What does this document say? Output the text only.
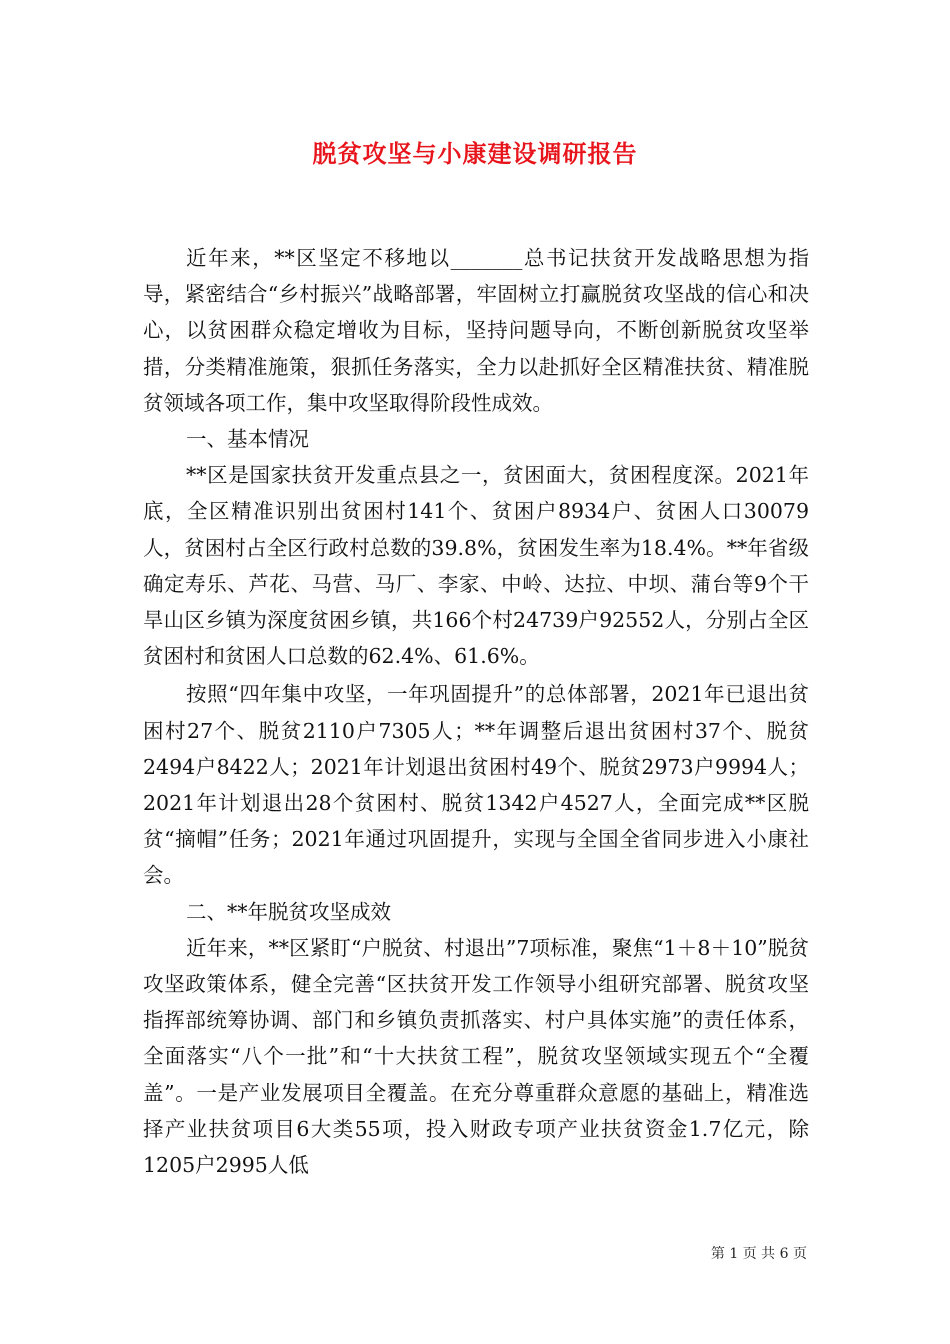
脱贫攻坚与小康建设调研报告

近年来，**区坚定不移地以_______总书记扶贫开发战略思想为指导，紧密结合“乡村振兴”战略部署，牢固树立打赢脱贫攻坚战的信心和决心，以贫困群众稳定增收为目标，坚持问题导向，不断创新脱贫攻坚举措，分类精准施策，狠抓任务落实，全力以赴抓好全区精准扶贫、精准脱贫领域各项工作，集中攻坚取得阶段性成效。

一、基本情况

**区是国家扶贫开发重点县之一，贫困面大，贫困程度深。2021年底，全区精准识别出贫困村141个、贫困户8934户、贫困人口30079人，贫困村占全区行政村总数的39.8%，贫困发生率为18.4%。**年省级确定寿乐、芦花、马营、马厂、李家、中岭、达拉、中坝、蒲台等9个干旱山区乡镇为深度贫困乡镇，共166个村24739户92552人，分别占全区贫困村和贫困人口总数的62.4%、61.6%。

按照“四年集中攻坚，一年巩固提升”的总体部署，2021年已退出贫困村27个、脱贫2110户7305人；**年调整后退出贫困村37个、脱贫2494户8422人；2021年计划退出贫困村49个、脱贫2973户9994人；2021年计划退出28个贫困村、脱贫1342户4527人，全面完成**区脱贫“摘帽”任务；2021年通过巩固提升，实现与全国全省同步进入小康社会。

二、**年脱贫攻坚成效

近年来，**区紧盯“户脱贫、村退出”7项标准，聚焦“1＋8＋10”脱贫攻坚政策体系，健全完善“区扶贫开发工作领导小组研究部署、脱贫攻坚指挥部统筹协调、部门和乡镇负责抓落实、村户具体实施”的责任体系，全面落实“八个一批”和“十大扶贫工程”，脱贫攻坚领域实现五个“全覆盖”。一是产业发展项目全覆盖。在充分尊重群众意愿的基础上，精准选择产业扶贫项目6大类55项，投入财政专项产业扶贫资金1.7亿元，除1205户2995人低

第 1 页 共 6 页
